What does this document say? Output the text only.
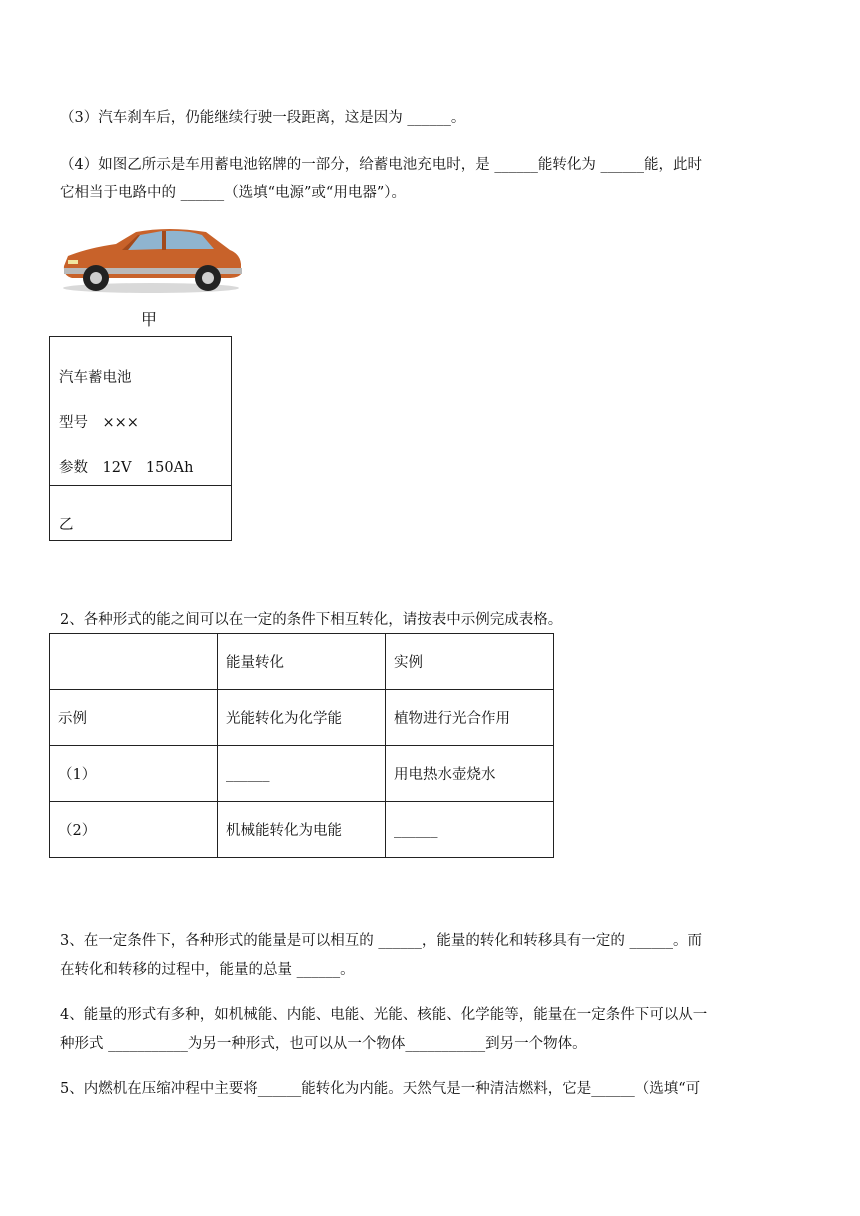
（3）汽车刹车后，仍能继续行驶一段距离，这是因为 ______。
（4）如图乙所示是车用蓄电池铭牌的一部分，给蓄电池充电时，是 ______能转化为 ______能，此时
它相当于电路中的 ______（选填“电源”或“用电器”）。
甲
汽车蓄电池
型号　×××
参数　12V　150Ah
乙
2、各种形式的能之间可以在一定的条件下相互转化，请按表中示例完成表格。
	能量转化	实例
示例	光能转化为化学能	植物进行光合作用
（1）	______	用电热水壶烧水
（2）	机械能转化为电能	______
3、在一定条件下，各种形式的能量是可以相互的 ______，能量的转化和转移具有一定的 ______。而
在转化和转移的过程中，能量的总量 ______。
4、能量的形式有多种，如机械能、内能、电能、光能、核能、化学能等，能量在一定条件下可以从一
种形式 ___________为另一种形式，也可以从一个物体___________到另一个物体。
5、内燃机在压缩冲程中主要将______能转化为内能。天然气是一种清洁燃料，它是______（选填“可
